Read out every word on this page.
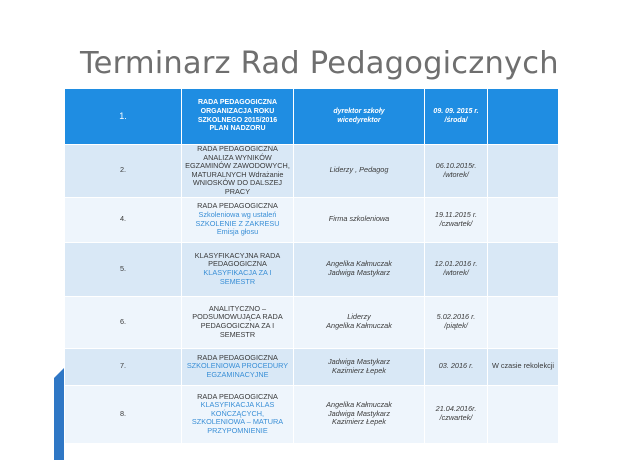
Terminarz Rad Pedagogicznych
1.	RADA PEDAGOGICZNA
ORGANIZACJA ROKU
SZKOLNEGO 2015/2016
PLAN NADZORU	dyrektor szkoły
wicedyrektor	09. 09. 2015 r.
/środa/	

2.	RADA PEDAGOGICZNA
ANALIZA WYNIKÓW
EGZAMINÓW ZAWODOWYCH,
MATURALNYCH Wdrażanie
WNIOSKÓW DO DALSZEJ PRACY	Liderzy , Pedagog	06.10.2015r.
/wtorek/	

4.	RADA PEDAGOGICZNA
Szkoleniowa wg ustaleń
SZKOLENIE Z ZAKRESU
Emisja głosu	Firma szkoleniowa	19.11.2015 r.
/czwartek/	

5.	KLASYFIKACYJNA RADA
PEDAGOGICZNA
KLASYFIKACJA ZA I
SEMESTR	Angelika Kałmuczak
Jadwiga Mastykarz	12.01.2016 r.
/wtorek/	

6.	ANALITYCZNO –
PODSUMOWUJĄCA RADA
PEDAGOGICZNA ZA I
SEMESTR	Liderzy
Angelika Kałmuczak	5.02.2016 r.
/piątek/	

7.	RADA PEDAGOGICZNA
SZKOLENIOWA PROCEDURY
EGZAMINACYJNE	Jadwiga Mastykarz
Kazimierz Łepek	03. 2016 r.	W czasie rekolekcji
8.	RADA PEDAGOGICZNA
KLASYFIKACJA KLAS
KOŃCZĄCYCH,
SZKOLENIOWA – MATURA
PRZYPOMNIENIE	Angelika Kałmuczak
Jadwiga Mastykarz
Kazimierz Łepek	21.04.2016r.
/czwartek/	
